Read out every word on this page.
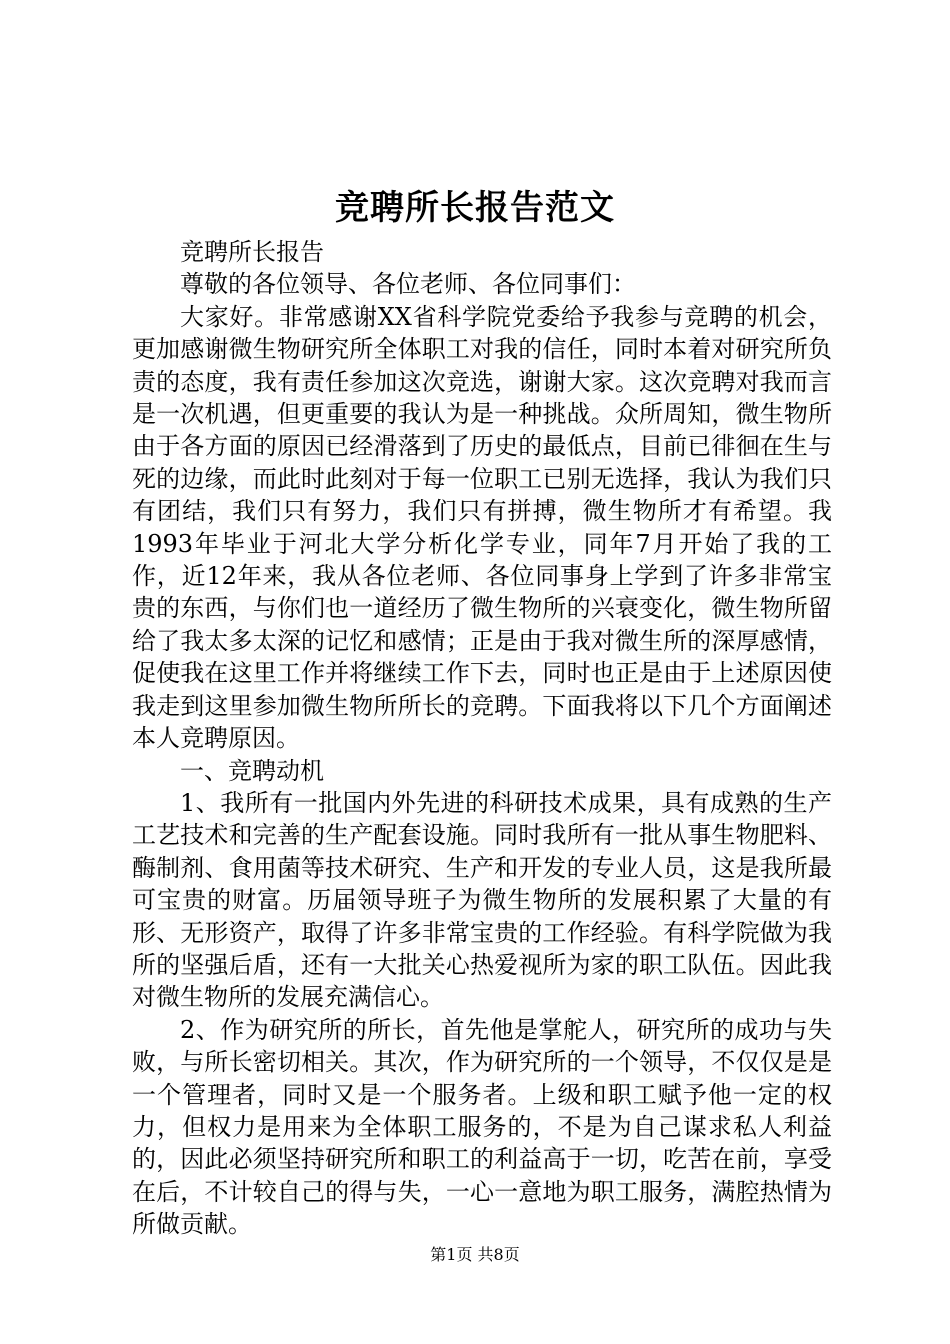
竞聘所长报告范文

竞聘所长报告

尊敬的各位领导、各位老师、各位同事们：

大家好。非常感谢XX省科学院党委给予我参与竞聘的机会，更加感谢微生物研究所全体职工对我的信任，同时本着对研究所负责的态度，我有责任参加这次竞选，谢谢大家。这次竞聘对我而言是一次机遇，但更重要的我认为是一种挑战。众所周知，微生物所由于各方面的原因已经滑落到了历史的最低点，目前已徘徊在生与死的边缘，而此时此刻对于每一位职工已别无选择，我认为我们只有团结，我们只有努力，我们只有拼搏，微生物所才有希望。我1993年毕业于河北大学分析化学专业，同年7月开始了我的工作，近12年来，我从各位老师、各位同事身上学到了许多非常宝贵的东西，与你们也一道经历了微生物所的兴衰变化，微生物所留给了我太多太深的记忆和感情；正是由于我对微生所的深厚感情，促使我在这里工作并将继续工作下去，同时也正是由于上述原因使我走到这里参加微生物所所长的竞聘。下面我将以下几个方面阐述本人竞聘原因。

一、竞聘动机

1、我所有一批国内外先进的科研技术成果，具有成熟的生产工艺技术和完善的生产配套设施。同时我所有一批从事生物肥料、酶制剂、食用菌等技术研究、生产和开发的专业人员，这是我所最可宝贵的财富。历届领导班子为微生物所的发展积累了大量的有形、无形资产，取得了许多非常宝贵的工作经验。有科学院做为我所的坚强后盾，还有一大批关心热爱视所为家的职工队伍。因此我对微生物所的发展充满信心。

2、作为研究所的所长，首先他是掌舵人，研究所的成功与失败，与所长密切相关。其次，作为研究所的一个领导，不仅仅是是一个管理者，同时又是一个服务者。上级和职工赋予他一定的权力，但权力是用来为全体职工服务的，不是为自己谋求私人利益的，因此必须坚持研究所和职工的利益高于一切，吃苦在前，享受在后，不计较自己的得与失，一心一意地为职工服务，满腔热情为所做贡献。

第1页 共8页
